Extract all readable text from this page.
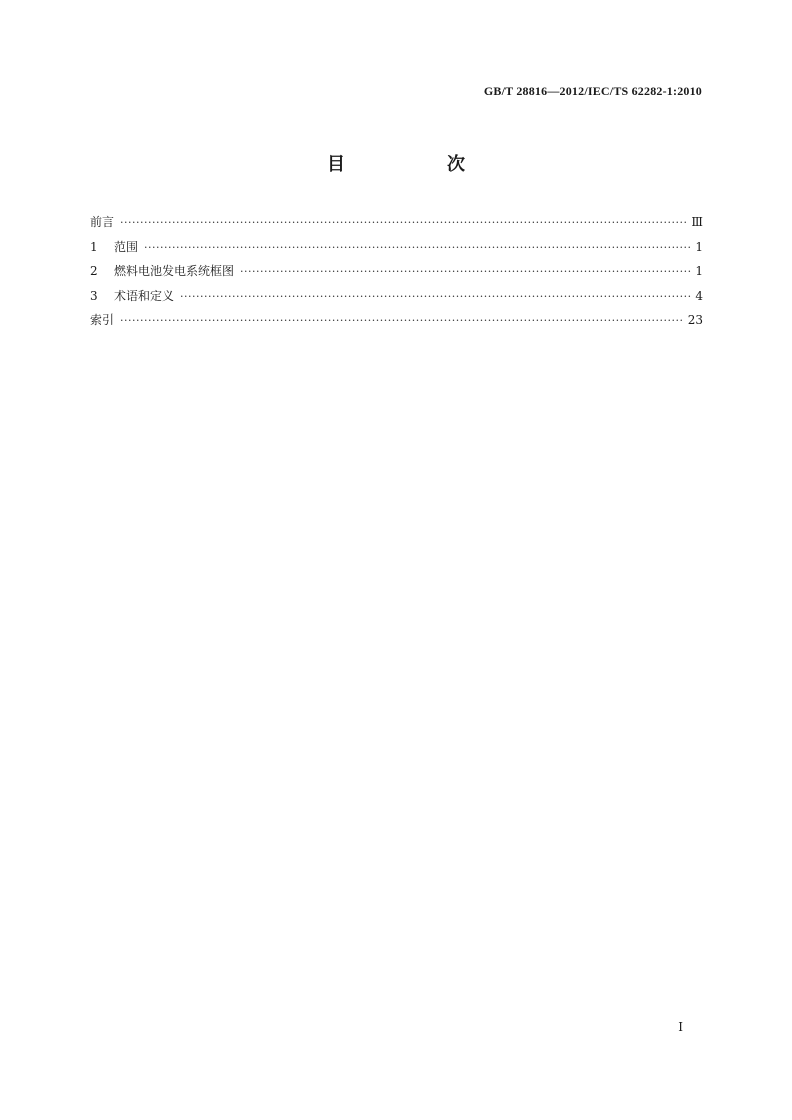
GB/T 28816—2012/IEC/TS 62282-1:2010
目　次
前言 ·····	Ⅲ
1	范围 ·····	1
2	燃料电池发电系统框图 ·····	1
3	术语和定义 ·····	4
索引 ·····	23
I
